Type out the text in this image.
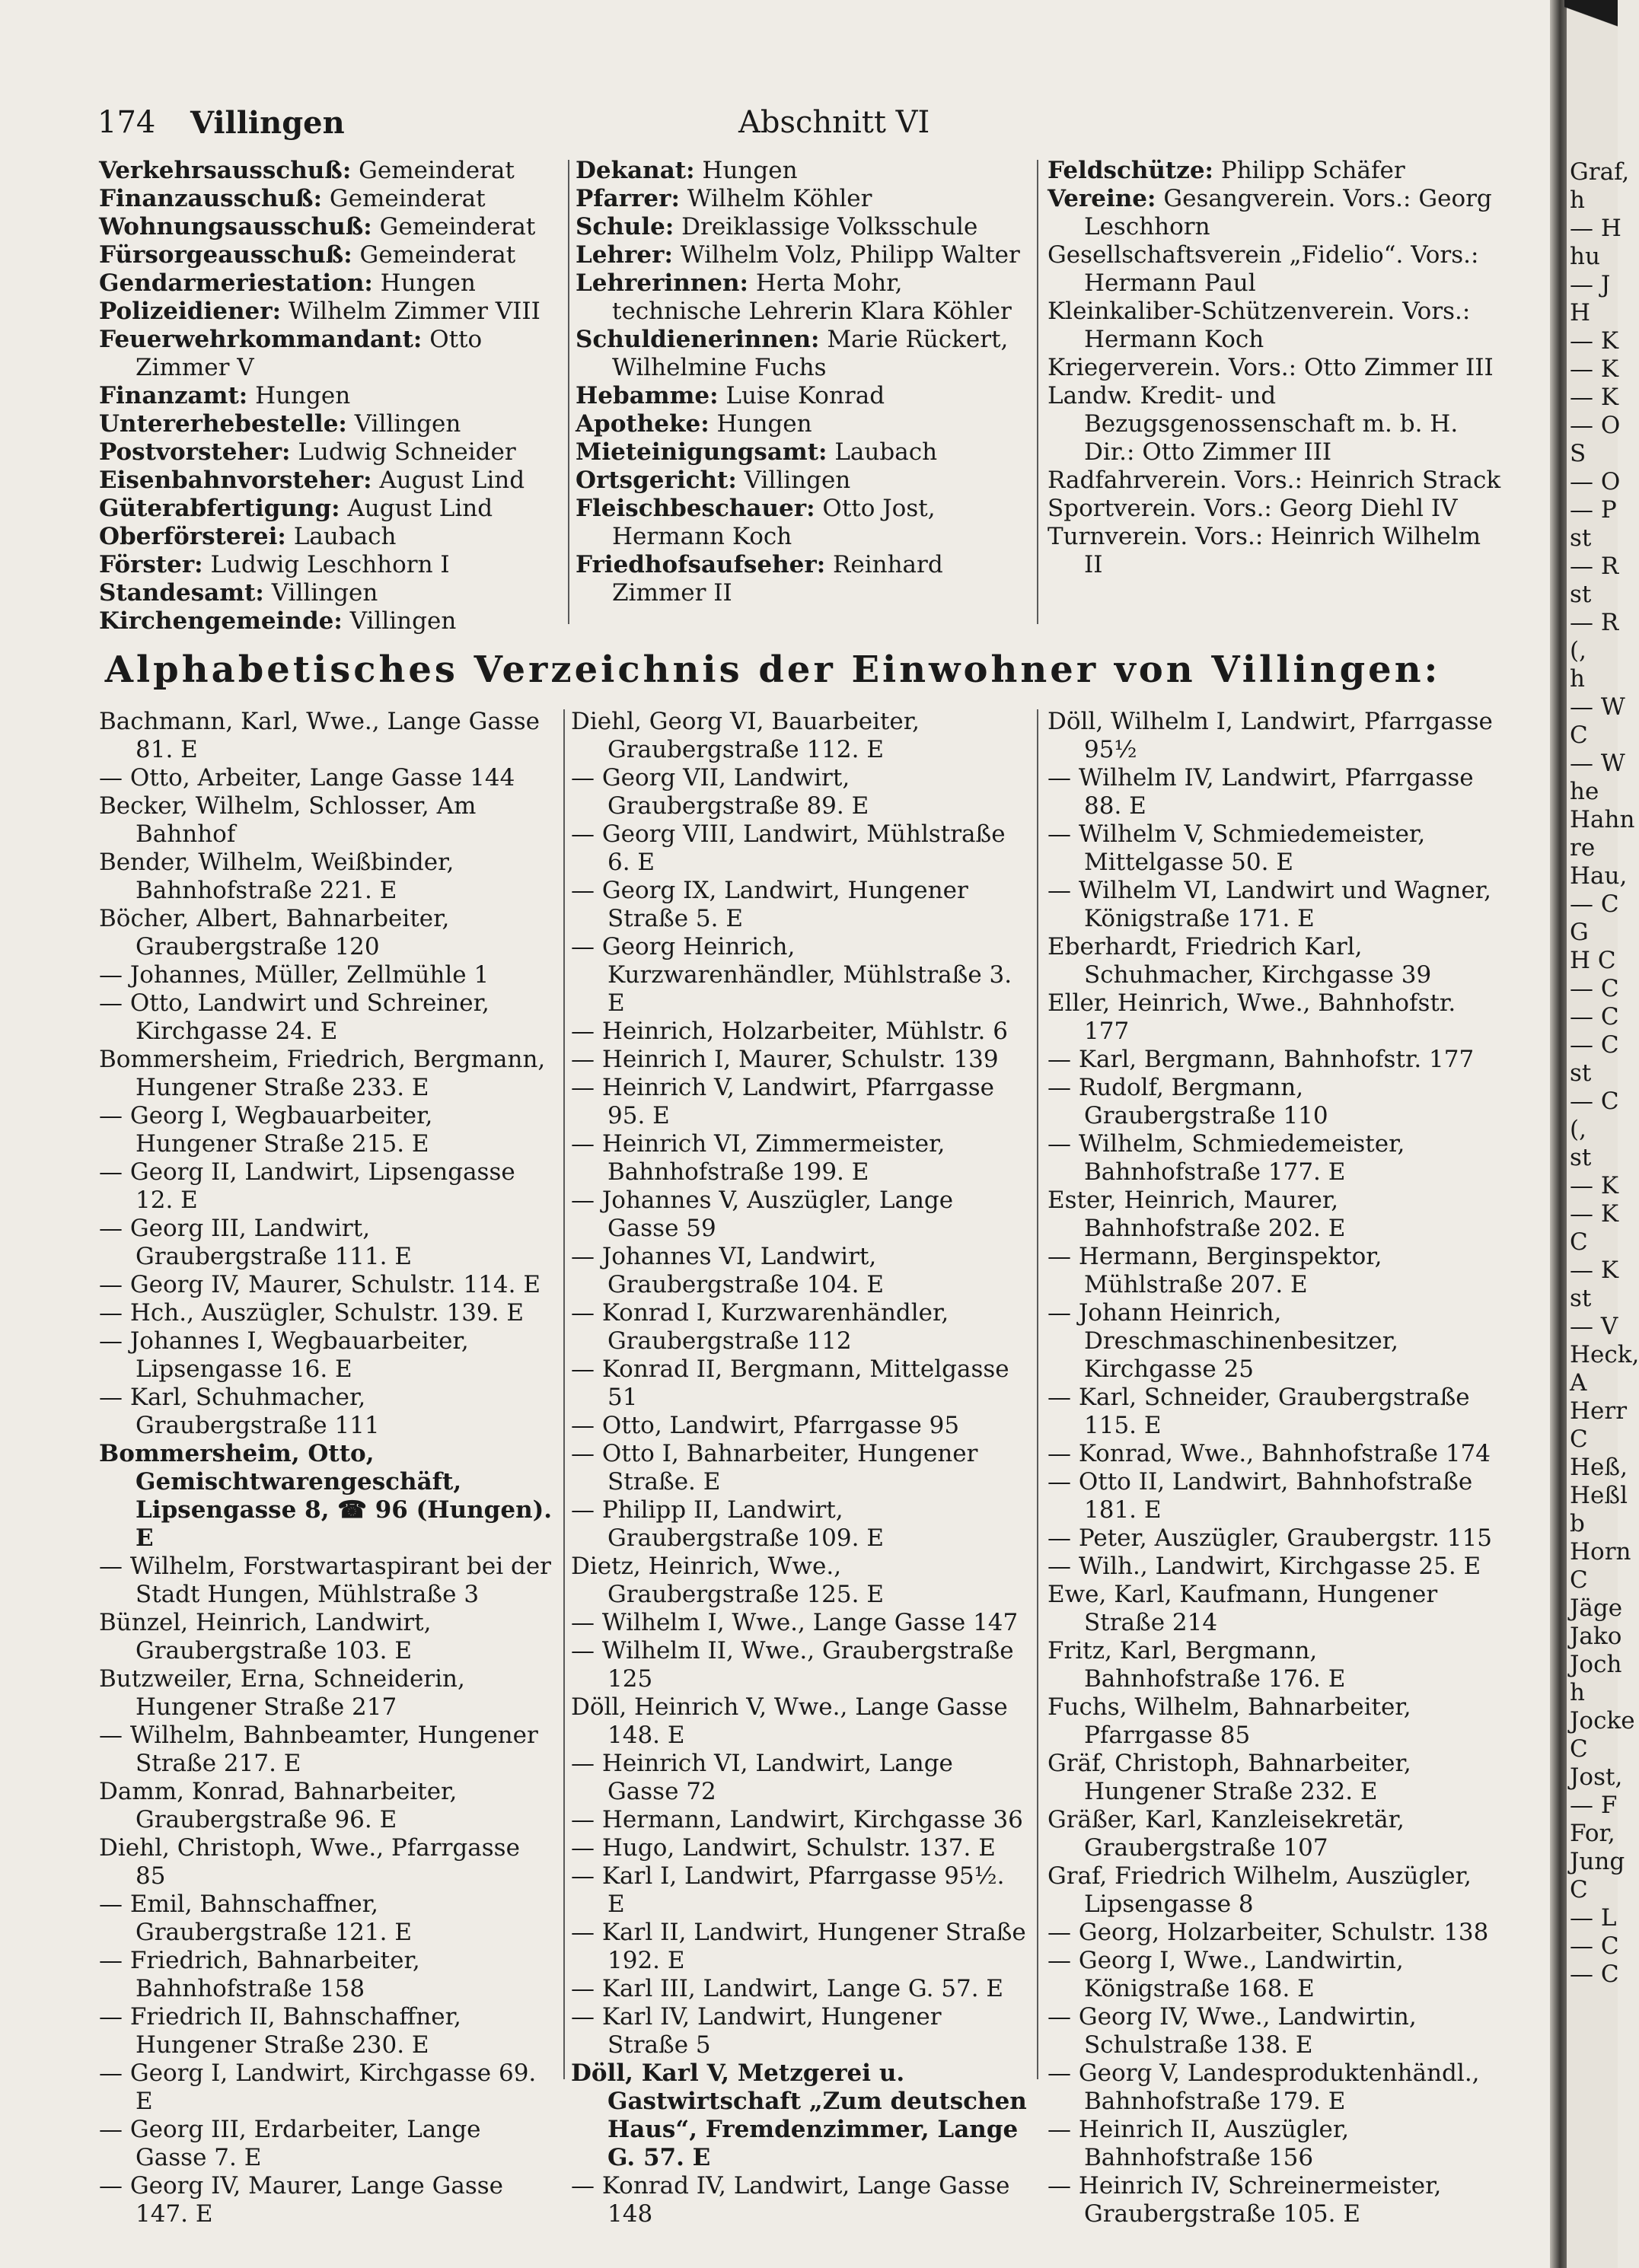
174 Villingen	Abschnitt VI

Verkehrsausschuß: Gemeinderat

Finanzausschuß: Gemeinderat

Wohnungsausschuß: Gemeinderat

Fürsorgeausschuß: Gemeinderat

Gendarmeriestation: Hungen

Polizeidiener: Wilhelm Zimmer VIII

Feuerwehrkommandant: Otto Zimmer V

Finanzamt: Hungen

Untererhebestelle: Villingen

Postvorsteher: Ludwig Schneider

Eisenbahnvorsteher: August Lind

Güterabfertigung: August Lind

Oberförsterei: Laubach

Förster: Ludwig Leschhorn I

Standesamt: Villingen

Kirchengemeinde: Villingen

Dekanat: Hungen

Pfarrer: Wilhelm Köhler

Schule: Dreiklassige Volksschule

Lehrer: Wilhelm Volz, Philipp Walter

Lehrerinnen: Herta Mohr, technische Lehrerin Klara Köhler

Schuldienerinnen: Marie Rückert, Wilhelmine Fuchs

Hebamme: Luise Konrad

Apotheke: Hungen

Mieteinigungsamt: Laubach

Ortsgericht: Villingen

Fleischbeschauer: Otto Jost, Hermann Koch

Friedhofsaufseher: Reinhard Zimmer II

Feldschütze: Philipp Schäfer

Vereine: Gesangverein. Vors.: Georg Leschhorn

Gesellschaftsverein „Fidelio“. Vors.: Hermann Paul

Kleinkaliber-Schützenverein. Vors.: Hermann Koch

Kriegerverein. Vors.: Otto Zimmer III

Landw. Kredit- und Bezugsgenossenschaft m. b. H. Dir.: Otto Zimmer III

Radfahrverein. Vors.: Heinrich Strack

Sportverein. Vors.: Georg Diehl IV

Turnverein. Vors.: Heinrich Wilhelm II

Alphabetisches Verzeichnis der Einwohner von Villingen:

Bachmann, Karl, Wwe., Lange Gasse 81. E

— Otto, Arbeiter, Lange Gasse 144

Becker, Wilhelm, Schlosser, Am Bahnhof

Bender, Wilhelm, Weißbinder, Bahnhofstraße 221. E

Böcher, Albert, Bahnarbeiter, Graubergstraße 120

— Johannes, Müller, Zellmühle 1

— Otto, Landwirt und Schreiner, Kirchgasse 24. E

Bommersheim, Friedrich, Bergmann, Hungener Straße 233. E

— Georg I, Wegbauarbeiter, Hungener Straße 215. E

— Georg II, Landwirt, Lipsengasse 12. E

— Georg III, Landwirt, Graubergstraße 111. E

— Georg IV, Maurer, Schulstr. 114. E

— Hch., Auszügler, Schulstr. 139. E

— Johannes I, Wegbauarbeiter, Lipsengasse 16. E

— Karl, Schuhmacher, Graubergstraße 111

Bommersheim, Otto, Gemischtwarengeschäft, Lipsengasse 8, ☎ 96 (Hungen). E

— Wilhelm, Forstwartaspirant bei der Stadt Hungen, Mühlstraße 3

Bünzel, Heinrich, Landwirt, Graubergstraße 103. E

Butzweiler, Erna, Schneiderin, Hungener Straße 217

— Wilhelm, Bahnbeamter, Hungener Straße 217. E

Damm, Konrad, Bahnarbeiter, Graubergstraße 96. E

Diehl, Christoph, Wwe., Pfarrgasse 85

— Emil, Bahnschaffner, Graubergstraße 121. E

— Friedrich, Bahnarbeiter, Bahnhofstraße 158

— Friedrich II, Bahnschaffner, Hungener Straße 230. E

— Georg I, Landwirt, Kirchgasse 69. E

— Georg III, Erdarbeiter, Lange Gasse 7. E

— Georg IV, Maurer, Lange Gasse 147. E

Diehl, Georg VI, Bauarbeiter, Graubergstraße 112. E

— Georg VII, Landwirt, Graubergstraße 89. E

— Georg VIII, Landwirt, Mühlstraße 6. E

— Georg IX, Landwirt, Hungener Straße 5. E

— Georg Heinrich, Kurzwarenhändler, Mühlstraße 3. E

— Heinrich, Holzarbeiter, Mühlstr. 6

— Heinrich I, Maurer, Schulstr. 139

— Heinrich V, Landwirt, Pfarrgasse 95. E

— Heinrich VI, Zimmermeister, Bahnhofstraße 199. E

— Johannes V, Auszügler, Lange Gasse 59

— Johannes VI, Landwirt, Graubergstraße 104. E

— Konrad I, Kurzwarenhändler, Graubergstraße 112

— Konrad II, Bergmann, Mittelgasse 51

— Otto, Landwirt, Pfarrgasse 95

— Otto I, Bahnarbeiter, Hungener Straße. E

— Philipp II, Landwirt, Graubergstraße 109. E

Dietz, Heinrich, Wwe., Graubergstraße 125. E

— Wilhelm I, Wwe., Lange Gasse 147

— Wilhelm II, Wwe., Graubergstraße 125

Döll, Heinrich V, Wwe., Lange Gasse 148. E

— Heinrich VI, Landwirt, Lange Gasse 72

— Hermann, Landwirt, Kirchgasse 36

— Hugo, Landwirt, Schulstr. 137. E

— Karl I, Landwirt, Pfarrgasse 95½. E

— Karl II, Landwirt, Hungener Straße 192. E

— Karl III, Landwirt, Lange G. 57. E

— Karl IV, Landwirt, Hungener Straße 5

Döll, Karl V, Metzgerei u. Gastwirtschaft „Zum deutschen Haus“, Fremdenzimmer, Lange G. 57. E

— Konrad IV, Landwirt, Lange Gasse 148

Döll, Wilhelm I, Landwirt, Pfarrgasse 95½

— Wilhelm IV, Landwirt, Pfarrgasse 88. E

— Wilhelm V, Schmiedemeister, Mittelgasse 50. E

— Wilhelm VI, Landwirt und Wagner, Königstraße 171. E

Eberhardt, Friedrich Karl, Schuhmacher, Kirchgasse 39

Eller, Heinrich, Wwe., Bahnhofstr. 177

— Karl, Bergmann, Bahnhofstr. 177

— Rudolf, Bergmann, Graubergstraße 110

— Wilhelm, Schmiedemeister, Bahnhofstraße 177. E

Ester, Heinrich, Maurer, Bahnhofstraße 202. E

— Hermann, Berginspektor, Mühlstraße 207. E

— Johann Heinrich, Dreschmaschinenbesitzer, Kirchgasse 25

— Karl, Schneider, Graubergstraße 115. E

— Konrad, Wwe., Bahnhofstraße 174

— Otto II, Landwirt, Bahnhofstraße 181. E

— Peter, Auszügler, Graubergstr. 115

— Wilh., Landwirt, Kirchgasse 25. E

Ewe, Karl, Kaufmann, Hungener Straße 214

Fritz, Karl, Bergmann, Bahnhofstraße 176. E

Fuchs, Wilhelm, Bahnarbeiter, Pfarrgasse 85

Gräf, Christoph, Bahnarbeiter, Hungener Straße 232. E

Gräßer, Karl, Kanzleisekretär, Graubergstraße 107

Graf, Friedrich Wilhelm, Auszügler, Lipsengasse 8

— Georg, Holzarbeiter, Schulstr. 138

— Georg I, Wwe., Landwirtin, Königstraße 168. E

— Georg IV, Wwe., Landwirtin, Schulstraße 138. E

— Georg V, Landesproduktenhändl., Bahnhofstraße 179. E

— Heinrich II, Auszügler, Bahnhofstraße 156

— Heinrich IV, Schreinermeister, Graubergstraße 105. E

Graf,
h
— H
hu
— J
H
— K
— K
— K
— O
S
— O
— P
st
— R
st
— R
(,
h
— W
C
— W
he
Hahn
re
Hau,
— C
G
H C
— C
— C
— C
st
— C
(,
st
— K
— K
C
— K
st
— V
Heck,
A
Herr
C
Heß,
Heßl
b
Horn
C
Jäge
Jako
Joch
h
Jocke
C
Jost,
— F
For,
Jung
C
— L
— C
— C
